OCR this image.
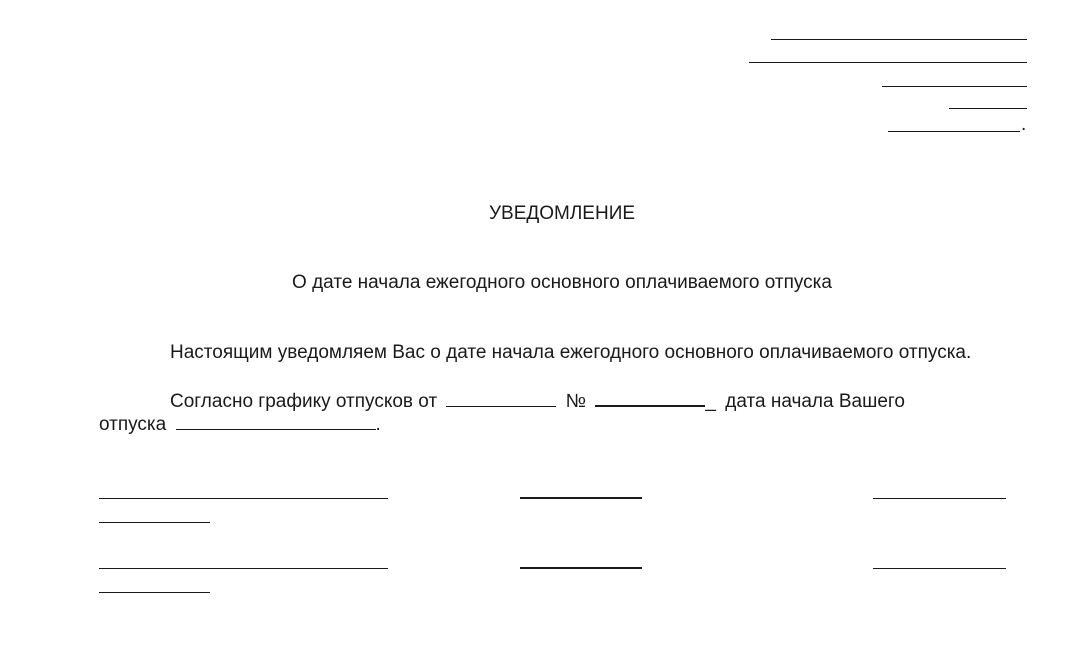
.
УВЕДОМЛЕНИЕ
О дате начала ежегодного основного оплачиваемого отпуска
Настоящим уведомляем Вас о дате начала ежегодного основного оплачиваемого отпуска.
Согласно графику отпусков от	№	_ дата начала Вашего
отпуска	.
